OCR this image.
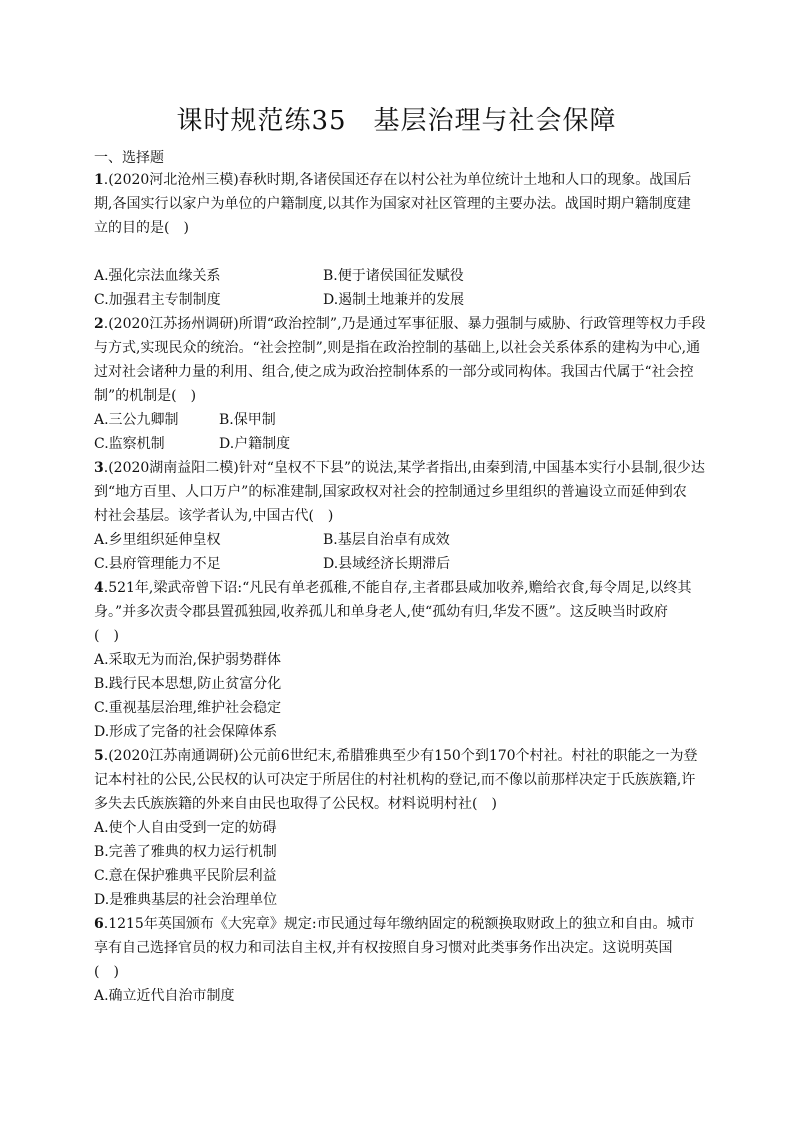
课时规范练35　基层治理与社会保障
一、选择题
1.(2020河北沧州三模)春秋时期,各诸侯国还存在以村公社为单位统计土地和人口的现象。战国后
期,各国实行以家户为单位的户籍制度,以其作为国家对社区管理的主要办法。战国时期户籍制度建
立的目的是(　)
A.强化宗法血缘关系	B.便于诸侯国征发赋役
C.加强君主专制制度	D.遏制土地兼并的发展
2.(2020江苏扬州调研)所谓“政治控制”,乃是通过军事征服、暴力强制与威胁、行政管理等权力手段
与方式,实现民众的统治。“社会控制”,则是指在政治控制的基础上,以社会关系体系的建构为中心,通
过对社会诸种力量的利用、组合,使之成为政治控制体系的一部分或同构体。我国古代属于“社会控
制”的机制是(　)
A.三公九卿制	B.保甲制
C.监察机制	D.户籍制度
3.(2020湖南益阳二模)针对“皇权不下县”的说法,某学者指出,由秦到清,中国基本实行小县制,很少达
到“地方百里、人口万户”的标准建制,国家政权对社会的控制通过乡里组织的普遍设立而延伸到农
村社会基层。该学者认为,中国古代(　)
A.乡里组织延伸皇权	B.基层自治卓有成效
C.县府管理能力不足	D.县域经济长期滞后
4.521年,梁武帝曾下诏:“凡民有单老孤稚,不能自存,主者郡县咸加收养,赡给衣食,每令周足,以终其
身。”并多次责令郡县置孤独园,收养孤儿和单身老人,使“孤幼有归,华发不匮”。这反映当时政府
(　)
A.采取无为而治,保护弱势群体
B.践行民本思想,防止贫富分化
C.重视基层治理,维护社会稳定
D.形成了完备的社会保障体系
5.(2020江苏南通调研)公元前6世纪末,希腊雅典至少有150个到170个村社。村社的职能之一为登
记本村社的公民,公民权的认可决定于所居住的村社机构的登记,而不像以前那样决定于氏族族籍,许
多失去氏族族籍的外来自由民也取得了公民权。材料说明村社(　)
A.使个人自由受到一定的妨碍
B.完善了雅典的权力运行机制
C.意在保护雅典平民阶层利益
D.是雅典基层的社会治理单位
6.1215年英国颁布《大宪章》规定:市民通过每年缴纳固定的税额换取财政上的独立和自由。城市
享有自己选择官员的权力和司法自主权,并有权按照自身习惯对此类事务作出决定。这说明英国
(　)
A.确立近代自治市制度
